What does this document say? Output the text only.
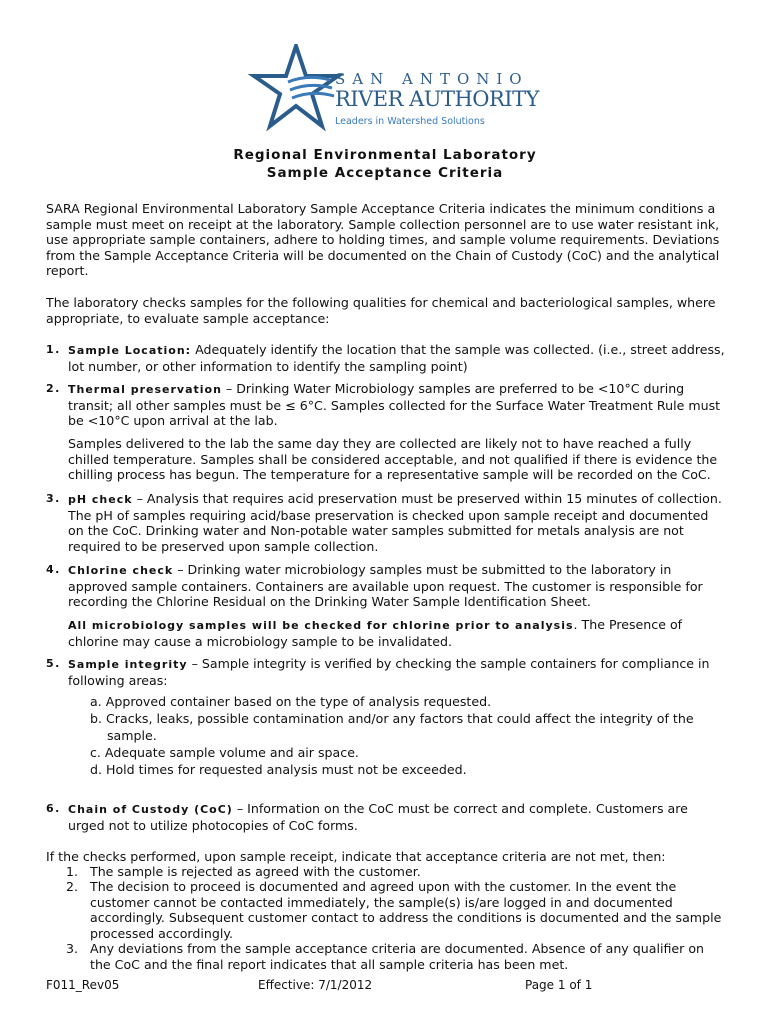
SAN ANTONIO
RIVER AUTHORITY
Leaders in Watershed Solutions
Regional Environmental Laboratory
Sample Acceptance Criteria
SARA Regional Environmental Laboratory Sample Acceptance Criteria indicates the minimum conditions a sample must meet on receipt at the laboratory. Sample collection personnel are to use water resistant ink, use appropriate sample containers, adhere to holding times, and sample volume requirements. Deviations from the Sample Acceptance Criteria will be documented on the Chain of Custody (CoC) and the analytical report.
The laboratory checks samples for the following qualities for chemical and bacteriological samples, where appropriate, to evaluate sample acceptance:
1. Sample Location: Adequately identify the location that the sample was collected. (i.e., street address, lot number, or other information to identify the sampling point)
2. Thermal preservation – Drinking Water Microbiology samples are preferred to be <10°C during transit; all other samples must be ≤ 6°C. Samples collected for the Surface Water Treatment Rule must be <10°C upon arrival at the lab.
Samples delivered to the lab the same day they are collected are likely not to have reached a fully chilled temperature. Samples shall be considered acceptable, and not qualified if there is evidence the chilling process has begun. The temperature for a representative sample will be recorded on the CoC.
3. pH check – Analysis that requires acid preservation must be preserved within 15 minutes of collection. The pH of samples requiring acid/base preservation is checked upon sample receipt and documented on the CoC. Drinking water and Non-potable water samples submitted for metals analysis are not required to be preserved upon sample collection.
4. Chlorine check – Drinking water microbiology samples must be submitted to the laboratory in approved sample containers. Containers are available upon request. The customer is responsible for recording the Chlorine Residual on the Drinking Water Sample Identification Sheet.
All microbiology samples will be checked for chlorine prior to analysis. The Presence of chlorine may cause a microbiology sample to be invalidated.
5. Sample integrity – Sample integrity is verified by checking the sample containers for compliance in following areas:
a. Approved container based on the type of analysis requested.
b. Cracks, leaks, possible contamination and/or any factors that could affect the integrity of the sample.
c. Adequate sample volume and air space.
d. Hold times for requested analysis must not be exceeded.
6. Chain of Custody (CoC) – Information on the CoC must be correct and complete. Customers are urged not to utilize photocopies of CoC forms.
If the checks performed, upon sample receipt, indicate that acceptance criteria are not met, then:
1. The sample is rejected as agreed with the customer.
2. The decision to proceed is documented and agreed upon with the customer. In the event the customer cannot be contacted immediately, the sample(s) is/are logged in and documented accordingly. Subsequent customer contact to address the conditions is documented and the sample processed accordingly.
3. Any deviations from the sample acceptance criteria are documented. Absence of any qualifier on the CoC and the final report indicates that all sample criteria has been met.
F011_Rev05	Effective: 7/1/2012	Page 1 of 1
